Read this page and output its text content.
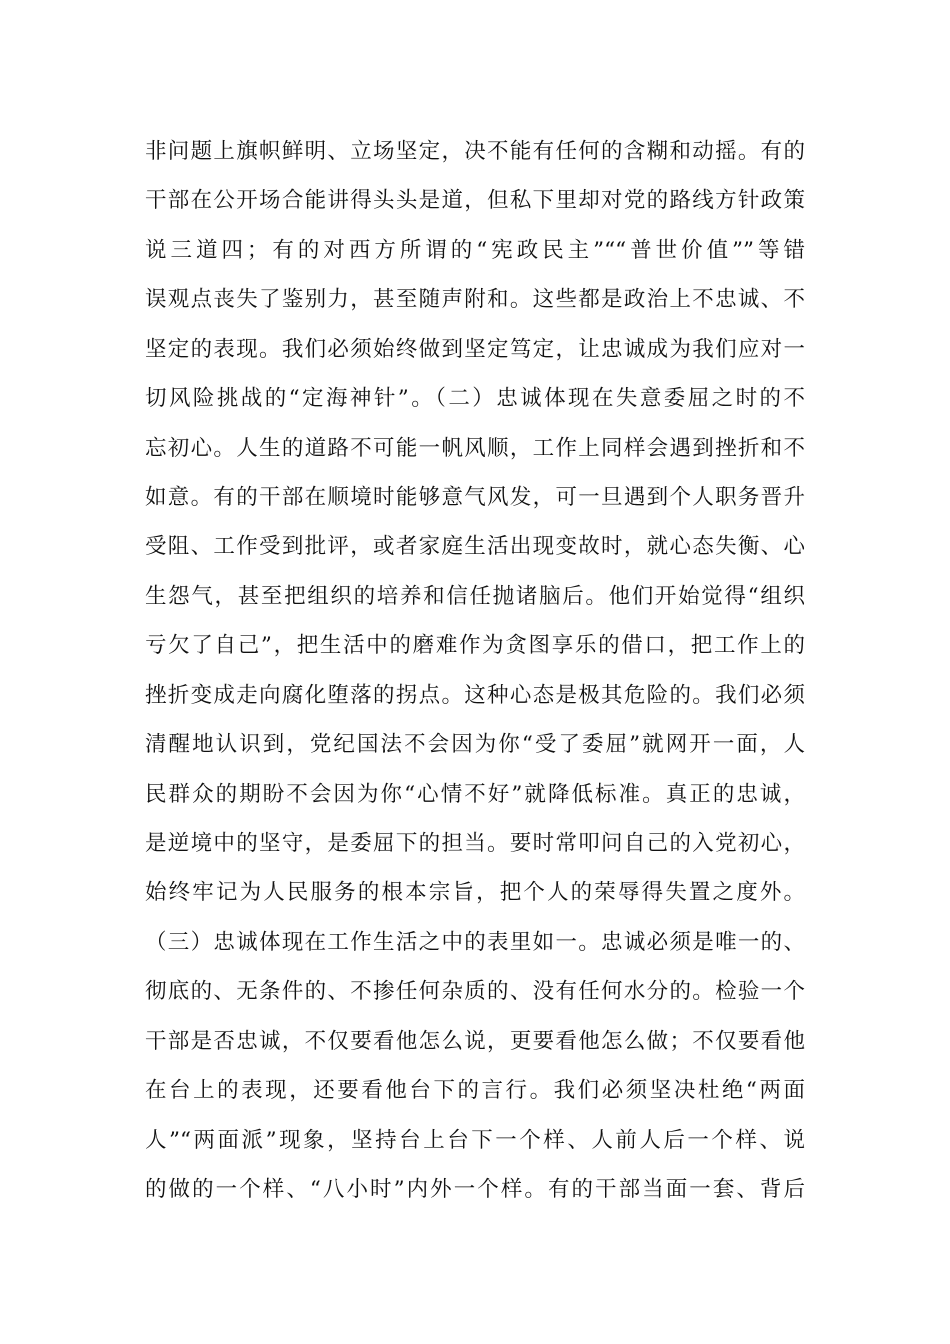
非问题上旗帜鲜明、立场坚定，决不能有任何的含糊和动摇。有的
干部在公开场合能讲得头头是道，但私下里却对党的路线方针政策
说三道四；有的对西方所谓的“宪政民主”““普世价值””等错
误观点丧失了鉴别力，甚至随声附和。这些都是政治上不忠诚、不
坚定的表现。我们必须始终做到坚定笃定，让忠诚成为我们应对一
切风险挑战的“定海神针”。（二）忠诚体现在失意委屈之时的不
忘初心。人生的道路不可能一帆风顺，工作上同样会遇到挫折和不
如意。有的干部在顺境时能够意气风发，可一旦遇到个人职务晋升
受阻、工作受到批评，或者家庭生活出现变故时，就心态失衡、心
生怨气，甚至把组织的培养和信任抛诸脑后。他们开始觉得“组织
亏欠了自己”，把生活中的磨难作为贪图享乐的借口，把工作上的
挫折变成走向腐化堕落的拐点。这种心态是极其危险的。我们必须
清醒地认识到，党纪国法不会因为你“受了委屈”就网开一面，人
民群众的期盼不会因为你“心情不好”就降低标准。真正的忠诚，
是逆境中的坚守，是委屈下的担当。要时常叩问自己的入党初心，
始终牢记为人民服务的根本宗旨，把个人的荣辱得失置之度外。
（三）忠诚体现在工作生活之中的表里如一。忠诚必须是唯一的、
彻底的、无条件的、不掺任何杂质的、没有任何水分的。检验一个
干部是否忠诚，不仅要看他怎么说，更要看他怎么做；不仅要看他
在台上的表现，还要看他台下的言行。我们必须坚决杜绝“两面
人”“两面派”现象，坚持台上台下一个样、人前人后一个样、说
的做的一个样、“八小时”内外一个样。有的干部当面一套、背后
